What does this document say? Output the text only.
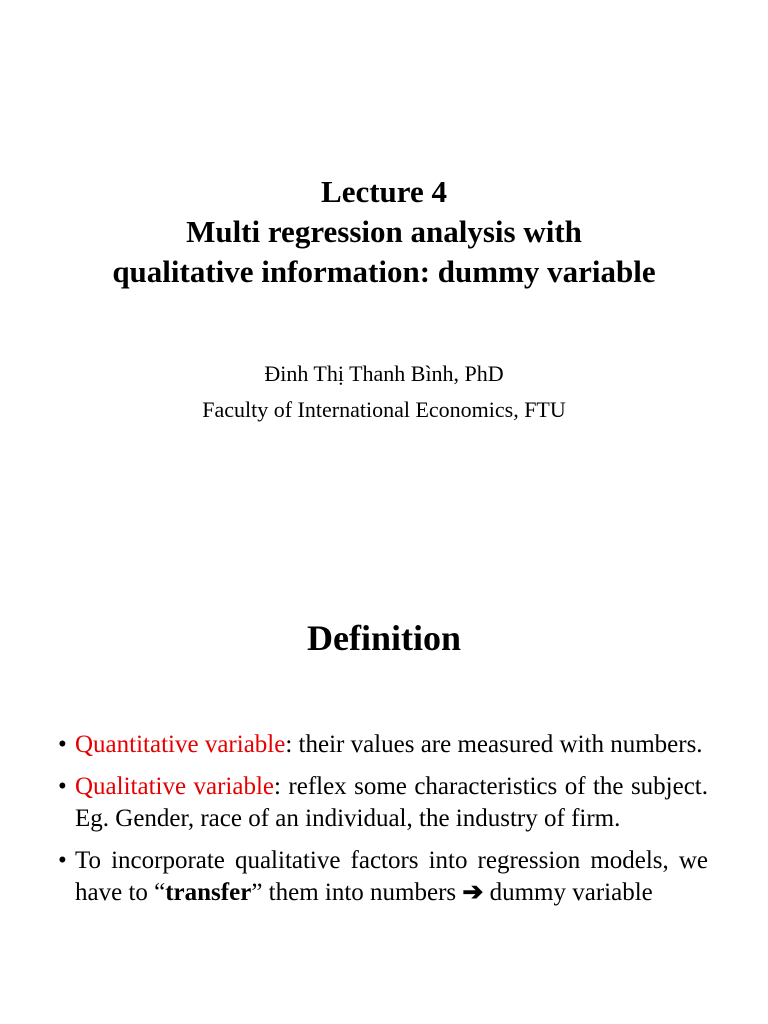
Lecture 4
Multi regression analysis with
qualitative information: dummy variable
Đinh Thị Thanh Bình, PhD
Faculty of International Economics, FTU
Definition
• Quantitative variable: their values are measured with numbers.
• Qualitative variable: reflex some characteristics of the subject. Eg. Gender, race of an individual, the industry of firm.
• To incorporate qualitative factors into regression models, we have to “transfer” them into numbers ➔ dummy variable
